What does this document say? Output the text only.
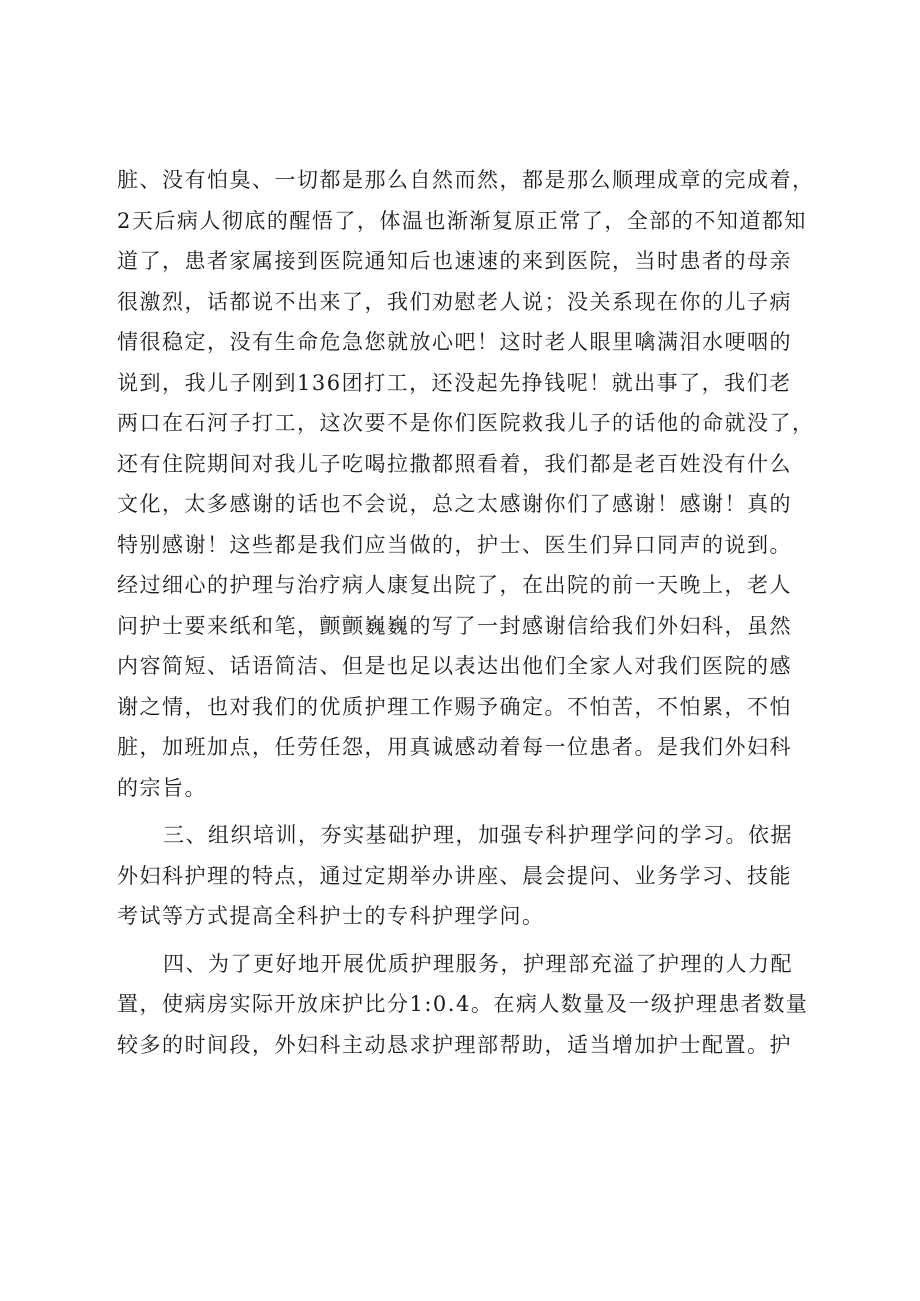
脏、没有怕臭、一切都是那么自然而然，都是那么顺理成章的完成着，
2天后病人彻底的醒悟了，体温也渐渐复原正常了，全部的不知道都知
道了，患者家属接到医院通知后也速速的来到医院，当时患者的母亲
很激烈，话都说不出来了，我们劝慰老人说；没关系现在你的儿子病
情很稳定，没有生命危急您就放心吧！这时老人眼里噙满泪水哽咽的
说到，我儿子刚到136团打工，还没起先挣钱呢！就出事了，我们老
两口在石河子打工，这次要不是你们医院救我儿子的话他的命就没了，
还有住院期间对我儿子吃喝拉撒都照看着，我们都是老百姓没有什么
文化，太多感谢的话也不会说，总之太感谢你们了感谢！感谢！真的
特别感谢！这些都是我们应当做的，护士、医生们异口同声的说到。
经过细心的护理与治疗病人康复出院了，在出院的前一天晚上，老人
问护士要来纸和笔，颤颤巍巍的写了一封感谢信给我们外妇科，虽然
内容简短、话语简洁、但是也足以表达出他们全家人对我们医院的感
谢之情，也对我们的优质护理工作赐予确定。不怕苦，不怕累，不怕
脏，加班加点，任劳任怨，用真诚感动着每一位患者。是我们外妇科
的宗旨。
三、组织培训，夯实基础护理，加强专科护理学问的学习。依据
外妇科护理的特点，通过定期举办讲座、晨会提问、业务学习、技能
考试等方式提高全科护士的专科护理学问。
四、为了更好地开展优质护理服务，护理部充溢了护理的人力配
置，使病房实际开放床护比分1:0.4。在病人数量及一级护理患者数量
较多的时间段，外妇科主动恳求护理部帮助，适当增加护士配置。护
